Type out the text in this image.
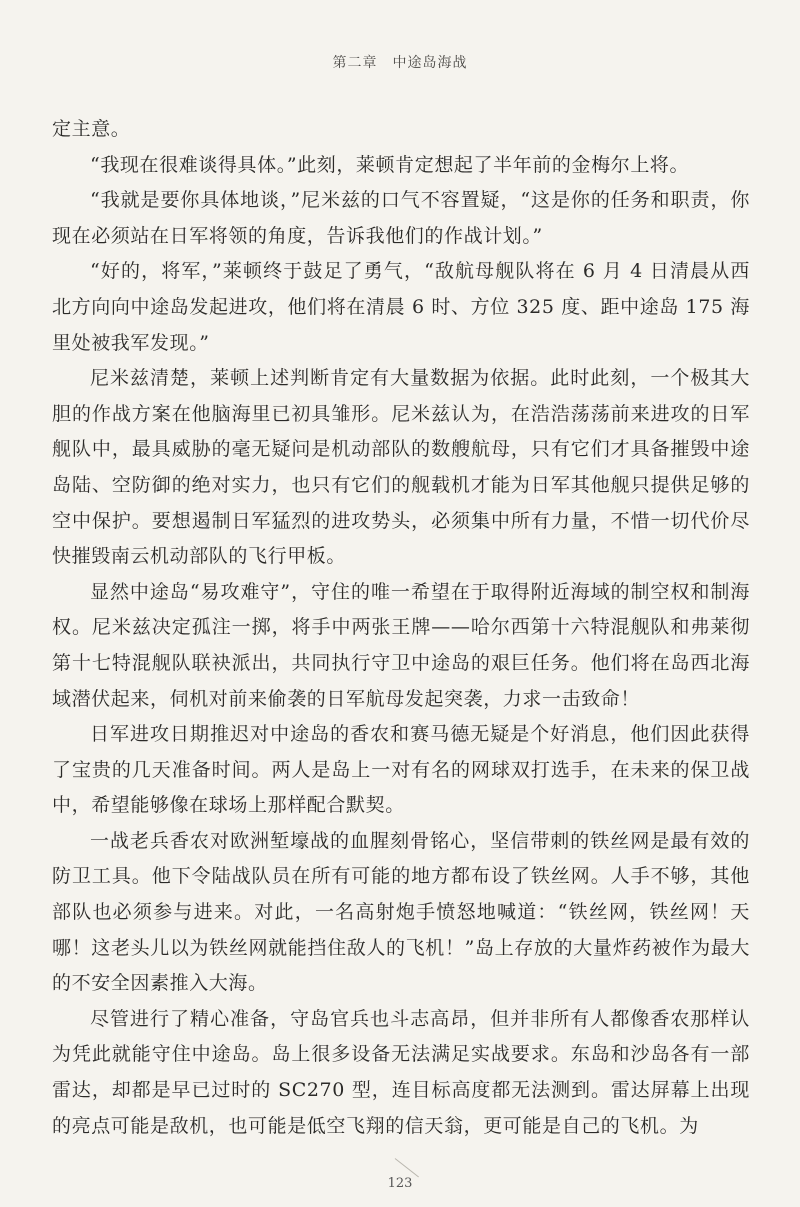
第二章　中途岛海战

定主意。

“我现在很难谈得具体。”此刻，莱顿肯定想起了半年前的金梅尔上将。

“我就是要你具体地谈，”尼米兹的口气不容置疑，“这是你的任务和职责，你现在必须站在日军将领的角度，告诉我他们的作战计划。”

“好的，将军，”莱顿终于鼓足了勇气，“敌航母舰队将在 6 月 4 日清晨从西北方向向中途岛发起进攻，他们将在清晨 6 时、方位 325 度、距中途岛 175 海里处被我军发现。”

尼米兹清楚，莱顿上述判断肯定有大量数据为依据。此时此刻，一个极其大胆的作战方案在他脑海里已初具雏形。尼米兹认为，在浩浩荡荡前来进攻的日军舰队中，最具威胁的毫无疑问是机动部队的数艘航母，只有它们才具备摧毁中途岛陆、空防御的绝对实力，也只有它们的舰载机才能为日军其他舰只提供足够的空中保护。要想遏制日军猛烈的进攻势头，必须集中所有力量，不惜一切代价尽快摧毁南云机动部队的飞行甲板。

显然中途岛“易攻难守”，守住的唯一希望在于取得附近海域的制空权和制海权。尼米兹决定孤注一掷，将手中两张王牌——哈尔西第十六特混舰队和弗莱彻第十七特混舰队联袂派出，共同执行守卫中途岛的艰巨任务。他们将在岛西北海域潜伏起来，伺机对前来偷袭的日军航母发起突袭，力求一击致命！

日军进攻日期推迟对中途岛的香农和赛马德无疑是个好消息，他们因此获得了宝贵的几天准备时间。两人是岛上一对有名的网球双打选手，在未来的保卫战中，希望能够像在球场上那样配合默契。

一战老兵香农对欧洲堑壕战的血腥刻骨铭心，坚信带刺的铁丝网是最有效的防卫工具。他下令陆战队员在所有可能的地方都布设了铁丝网。人手不够，其他部队也必须参与进来。对此，一名高射炮手愤怒地喊道：“铁丝网，铁丝网！天哪！这老头儿以为铁丝网就能挡住敌人的飞机！”岛上存放的大量炸药被作为最大的不安全因素推入大海。

尽管进行了精心准备，守岛官兵也斗志高昂，但并非所有人都像香农那样认为凭此就能守住中途岛。岛上很多设备无法满足实战要求。东岛和沙岛各有一部雷达，却都是早已过时的 SC270 型，连目标高度都无法测到。雷达屏幕上出现的亮点可能是敌机，也可能是低空飞翔的信天翁，更可能是自己的飞机。为

123
